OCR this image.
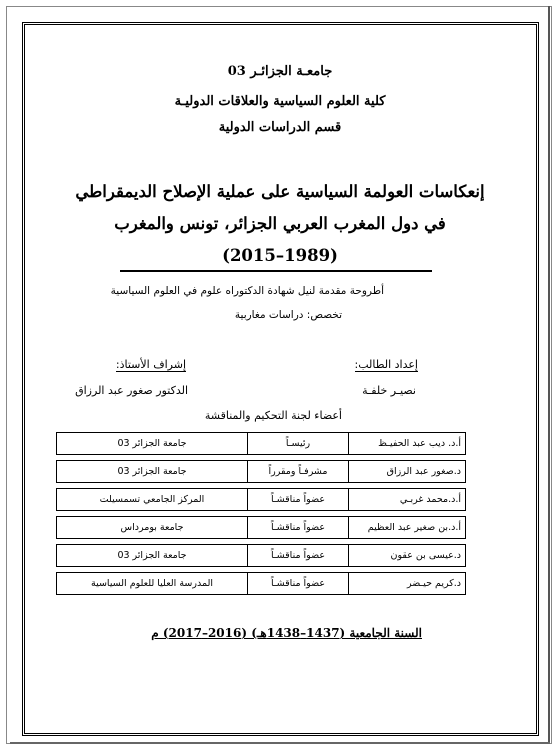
جامعـة الجزائـر 03
كلية العلوم السياسية والعلاقات الدوليـة
قسم الدراسات الدولية
إنعكاسات العولمة السياسية على عملية الإصلاح الديمقراطي
في دول المغرب العربي الجزائر، تونس والمغرب
(1989–2015)
أطروحة مقدمة لنيل شهادة الدكتوراه علوم في العلوم السياسية
تخصص: دراسات مغاربية
إعداد الطالب:
إشراف الأستاذ:
نصيـر خلفـة
الدكتور صغور عبد الرزاق
أعضاء لجنة التحكيم والمناقشة
أ.د. ديب عبد الحفيـظ	رئيسـاً	جامعة الجزائر 03

د.صغور عبد الرزاق	مشرفـاً ومقرراً	جامعة الجزائر 03

أ.د.محمد غربـي	عضواً مناقشـاً	المركز الجامعي تسمسيلت

أ.د.بن صغير عبد العظيم	عضواً مناقشـاً	جامعة بومرداس

د.عيسى بن عقون	عضواً مناقشـاً	جامعة الجزائر 03

د.كريم حيـضر	عضواً مناقشـاً	المدرسة العليا للعلوم السياسية
السنة الجامعية (1437–1438هـ) (2016–2017) م
